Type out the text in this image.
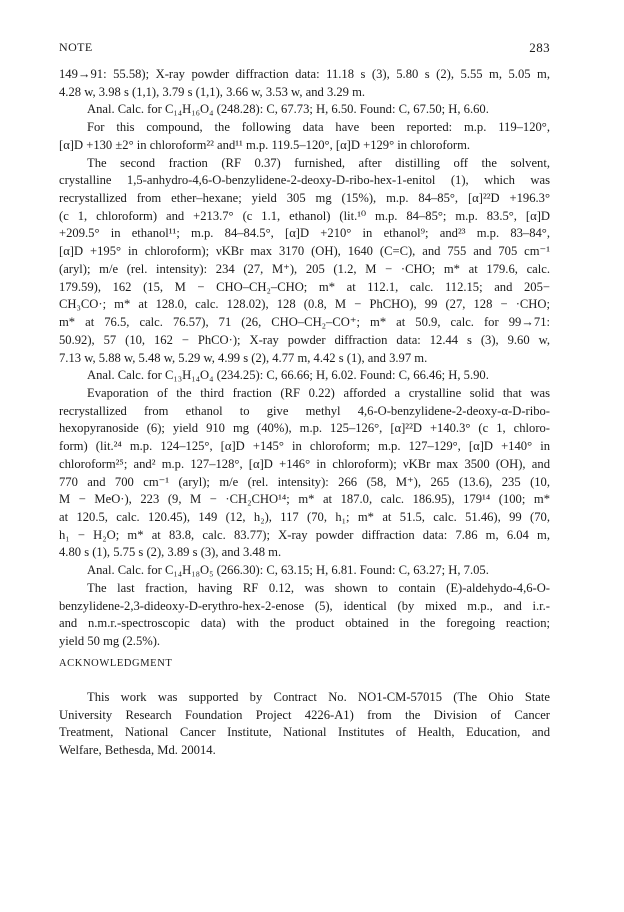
NOTE	283
149→91: 55.58); X-ray powder diffraction data: 11.18 s (3), 5.80 s (2), 5.55 m, 5.05 m,
4.28 w, 3.98 s (1,1), 3.79 s (1,1), 3.66 w, 3.53 w, and 3.29 m.
Anal. Calc. for C₁₄H₁₆O₄ (248.28): C, 67.73; H, 6.50. Found: C, 67.50; H, 6.60.
For this compound, the following data have been reported: m.p. 119–120°,
[α]D +130 ±2° in chloroform²² and¹¹ m.p. 119.5–120°, [α]D +129° in chloroform.
The second fraction (RF 0.37) furnished, after distilling off the solvent,
crystalline 1,5-anhydro-4,6-O-benzylidene-2-deoxy-D-ribo-hex-1-enitol (1), which was
recrystallized from ether–hexane; yield 305 mg (15%), m.p. 84–85°, [α]²²D +196.3°
(c 1, chloroform) and +213.7° (c 1.1, ethanol) (lit.¹⁰ m.p. 84–85°; m.p. 83.5°, [α]D
+209.5° in ethanol¹¹; m.p. 84–84.5°, [α]D +210° in ethanol⁹; and²³ m.p. 83–84°,
[α]D +195° in chloroform); νKBr max 3170 (OH), 1640 (C=C), and 755 and 705 cm⁻¹
(aryl); m/e (rel. intensity): 234 (27, M⁺), 205 (1.2, M − ·CHO; m* at 179.6, calc.
179.59), 162 (15, M − CHO–CH₂–CHO; m* at 112.1, calc. 112.15; and 205−
CH₃CO·; m* at 128.0, calc. 128.02), 128 (0.8, M − PhCHO), 99 (27, 128 − ·CHO;
m* at 76.5, calc. 76.57), 71 (26, CHO–CH₂–CO⁺; m* at 50.9, calc. for 99→71:
50.92), 57 (10, 162 − PhCO·); X-ray powder diffraction data: 12.44 s (3), 9.60 w,
7.13 w, 5.88 w, 5.48 w, 5.29 w, 4.99 s (2), 4.77 m, 4.42 s (1), and 3.97 m.
Anal. Calc. for C₁₃H₁₄O₄ (234.25): C, 66.66; H, 6.02. Found: C, 66.46; H, 5.90.
Evaporation of the third fraction (RF 0.22) afforded a crystalline solid that was
recrystallized from ethanol to give methyl 4,6-O-benzylidene-2-deoxy-α-D-ribo-
hexopyranoside (6); yield 910 mg (40%), m.p. 125–126°, [α]²²D +140.3° (c 1, chloro-
form) (lit.²⁴ m.p. 124–125°, [α]D +145° in chloroform; m.p. 127–129°, [α]D +140° in
chloroform²⁵; and² m.p. 127–128°, [α]D +146° in chloroform); νKBr max 3500 (OH), and
770 and 700 cm⁻¹ (aryl); m/e (rel. intensity): 266 (58, M⁺), 265 (13.6), 235 (10,
M − MeO·), 223 (9, M − ·CH₂CHO¹⁴; m* at 187.0, calc. 186.95), 179¹⁴ (100; m*
at 120.5, calc. 120.45), 149 (12, h₂), 117 (70, h₁; m* at 51.5, calc. 51.46), 99 (70,
h₁ − H₂O; m* at 83.8, calc. 83.77); X-ray powder diffraction data: 7.86 m, 6.04 m,
4.80 s (1), 5.75 s (2), 3.89 s (3), and 3.48 m.
Anal. Calc. for C₁₄H₁₈O₅ (266.30): C, 63.15; H, 6.81. Found: C, 63.27; H, 7.05.
The last fraction, having RF 0.12, was shown to contain (E)-aldehydo-4,6-O-
benzylidene-2,3-dideoxy-D-erythro-hex-2-enose (5), identical (by mixed m.p., and i.r.-
and n.m.r.-spectroscopic data) with the product obtained in the foregoing reaction;
yield 50 mg (2.5%).
ACKNOWLEDGMENT
This work was supported by Contract No. NO1-CM-57015 (The Ohio State
University Research Foundation Project 4226-A1) from the Division of Cancer
Treatment, National Cancer Institute, National Institutes of Health, Education, and
Welfare, Bethesda, Md. 20014.
